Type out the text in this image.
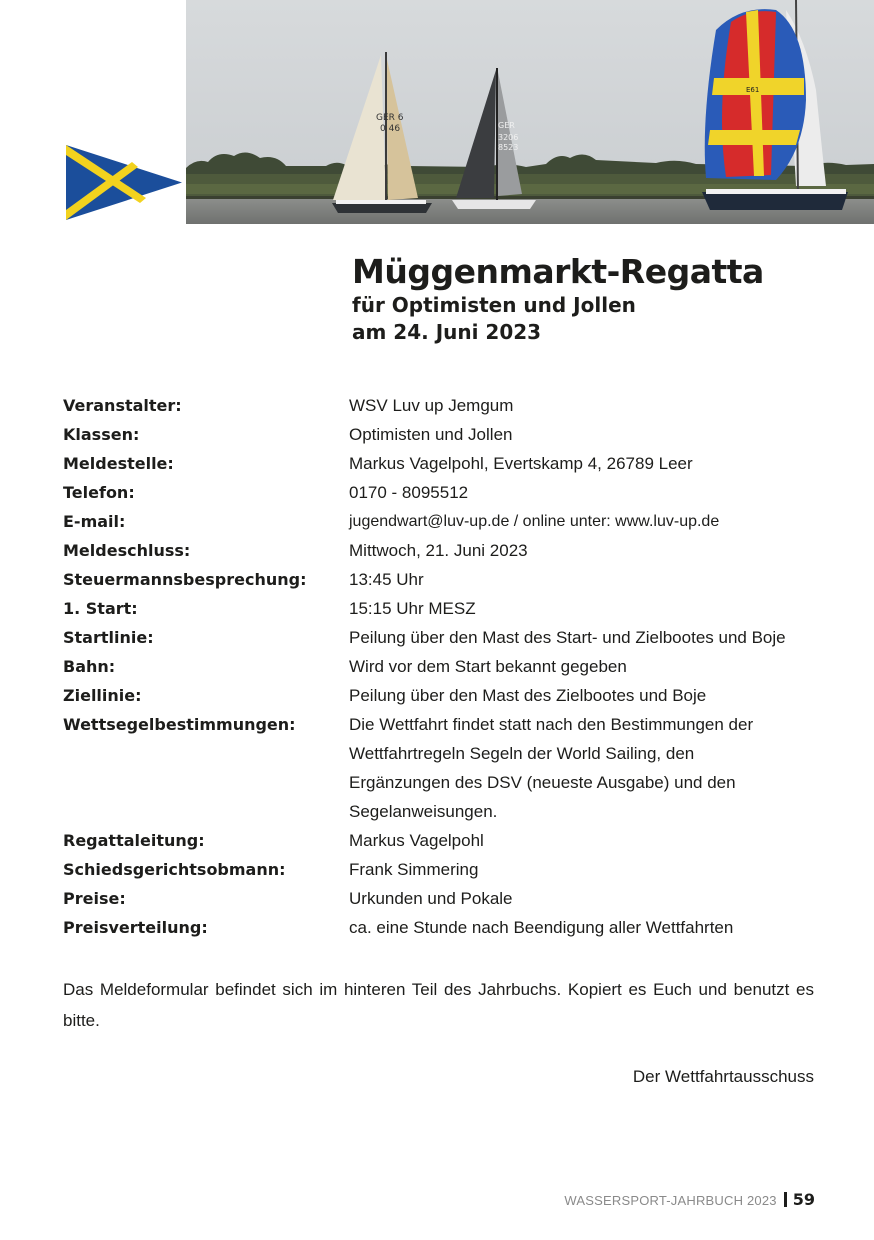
GER 6
0 46	GER
3206
8523
E61
Müggenmarkt-Regatta

für Optimisten und Jollen

am 24. Juni 2023

Veranstalter:	WSV Luv up Jemgum
Klassen:	Optimisten und Jollen
Meldestelle:	Markus Vagelpohl, Evertskamp 4, 26789 Leer
Telefon:	0170 - 8095512
E-mail:	jugendwart@luv-up.de / online unter: www.luv-up.de
Meldeschluss:	Mittwoch, 21. Juni 2023
Steuermannsbesprechung:	13:45 Uhr
1. Start:	15:15 Uhr MESZ
Startlinie:	Peilung über den Mast des Start- und Zielbootes und Boje
Bahn:	Wird vor dem Start bekannt gegeben
Ziellinie:	Peilung über den Mast des Zielbootes und Boje
Wettsegelbestimmungen:	Die Wettfahrt findet statt nach den Bestimmungen der
Wettfahrtregeln Segeln der World Sailing, den
Ergänzungen des DSV (neueste Ausgabe) und den
Segelanweisungen.
Regattaleitung:	Markus Vagelpohl
Schiedsgerichtsobmann:	Frank Simmering
Preise:	Urkunden und Pokale
Preisverteilung:	ca. eine Stunde nach Beendigung aller Wettfahrten

Das Meldeformular befindet sich im hinteren Teil des Jahrbuchs. Kopiert es Euch und benutzt es bitte.

Der Wettfahrtausschuss
WASSERSPORT-JAHRBUCH 2023 59
